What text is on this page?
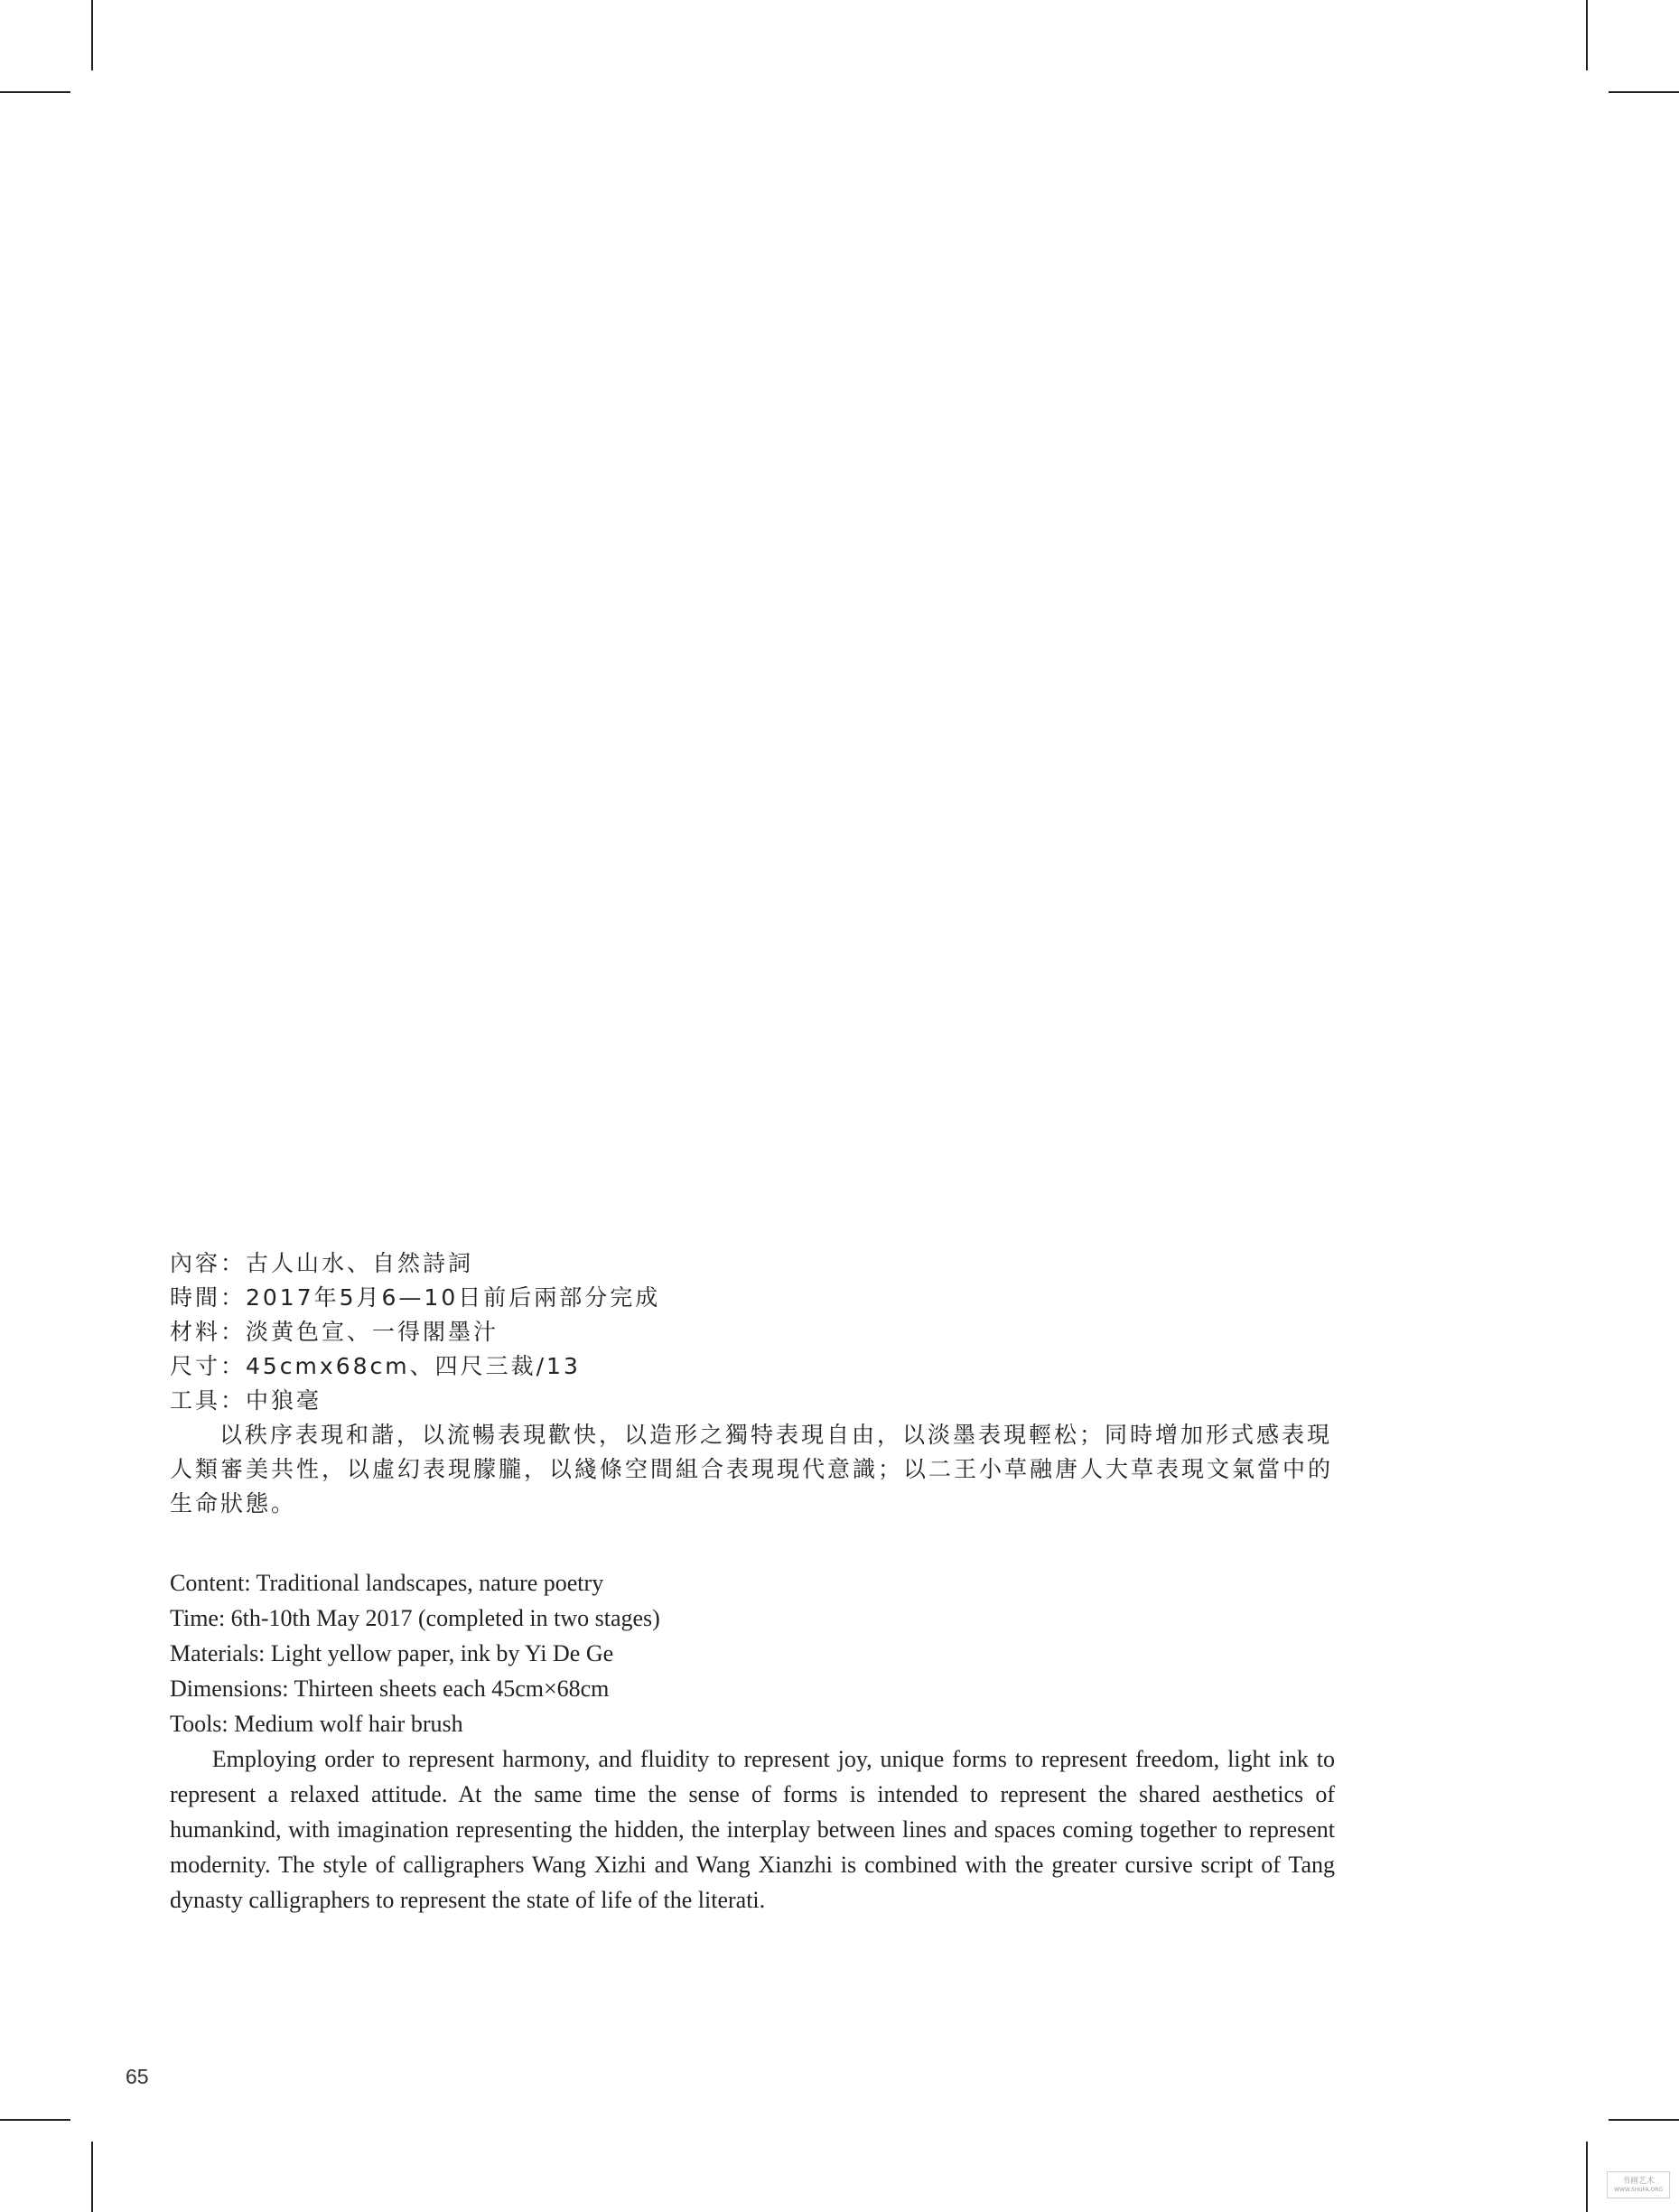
內容：古人山水、自然詩詞
時間：2017年5月6—10日前后兩部分完成
材料：淡黄色宣、一得閣墨汁
尺寸：45cmx68cm、四尺三裁/13
工具：中狼毫
以秩序表現和諧，以流暢表現歡快，以造形之獨特表現自由，以淡墨表現輕松；同時增加形式感表現人類審美共性，以虛幻表現朦朧，以綫條空間組合表現現代意識；以二王小草融唐人大草表現文氣當中的生命狀態。
Content: Traditional landscapes, nature poetry
Time: 6th-10th May 2017 (completed in two stages)
Materials: Light yellow paper, ink by Yi De Ge
Dimensions: Thirteen sheets each 45cm×68cm
Tools: Medium wolf hair brush
Employing order to represent harmony, and fluidity to represent joy, unique forms to represent freedom, light ink to represent a relaxed attitude. At the same time the sense of forms is intended to represent the shared aesthetics of humankind, with imagination representing the hidden, the interplay between lines and spaces coming together to represent modernity. The style of calligraphers Wang Xizhi and Wang Xianzhi is combined with the greater cursive script of Tang dynasty calligraphers to represent the state of life of the literati.
65
书画艺术
WWW.SHUFA.ORG
